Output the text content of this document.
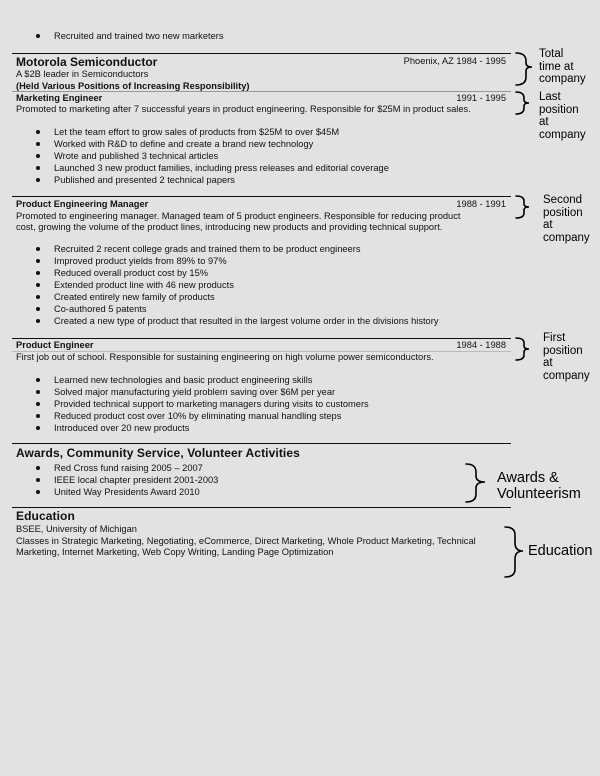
Recruited and trained two new marketers
Motorola Semiconductor	Phoenix, AZ 1984 - 1995
A $2B leader in Semiconductors
(Held Various Positions of Increasing Responsibility)
Marketing Engineer	1991 - 1995
Promoted to marketing after 7 successful years in product engineering. Responsible for $25M in product sales.
Let the team effort to grow sales of products from $25M to over $45M
Worked with R&D to define and create a brand new technology
Wrote and published 3 technical articles
Launched 3 new product families, including press releases and editorial coverage
Published and presented 2 technical papers
Product Engineering Manager	1988 - 1991
Promoted to engineering manager. Managed team of 5 product engineers. Responsible for reducing product
cost, growing the volume of the product lines, introducing new products and providing technical support.
Recruited 2 recent college grads and trained them to be product engineers
Improved product yields from 89% to 97%
Reduced overall product cost by 15%
Extended product line with 46 new products
Created entirely new family of products
Co-authored 5 patents
Created a new type of product that resulted in the largest volume order in the divisions history
Product Engineer	1984 - 1988
First job out of school. Responsible for sustaining engineering on high volume power semiconductors.
Learned new technologies and basic product engineering skills
Solved major manufacturing yield problem saving over $6M per year
Provided technical support to marketing managers during visits to customers
Reduced product cost over 10% by eliminating manual handling steps
Introduced over 20 new products
Awards, Community Service, Volunteer Activities
Red Cross fund raising 2005 – 2007
IEEE local chapter president 2001-2003
United Way Presidents Award 2010
Education
BSEE, University of Michigan
Classes in Strategic Marketing, Negotiating, eCommerce, Direct Marketing, Whole Product Marketing, Technical
Marketing, Internet Marketing, Web Copy Writing, Landing Page Optimization
Total
time at
company
Last
position
at
company
Second
position
at
company
First
position
at
company
Awards &
Volunteerism
Education
